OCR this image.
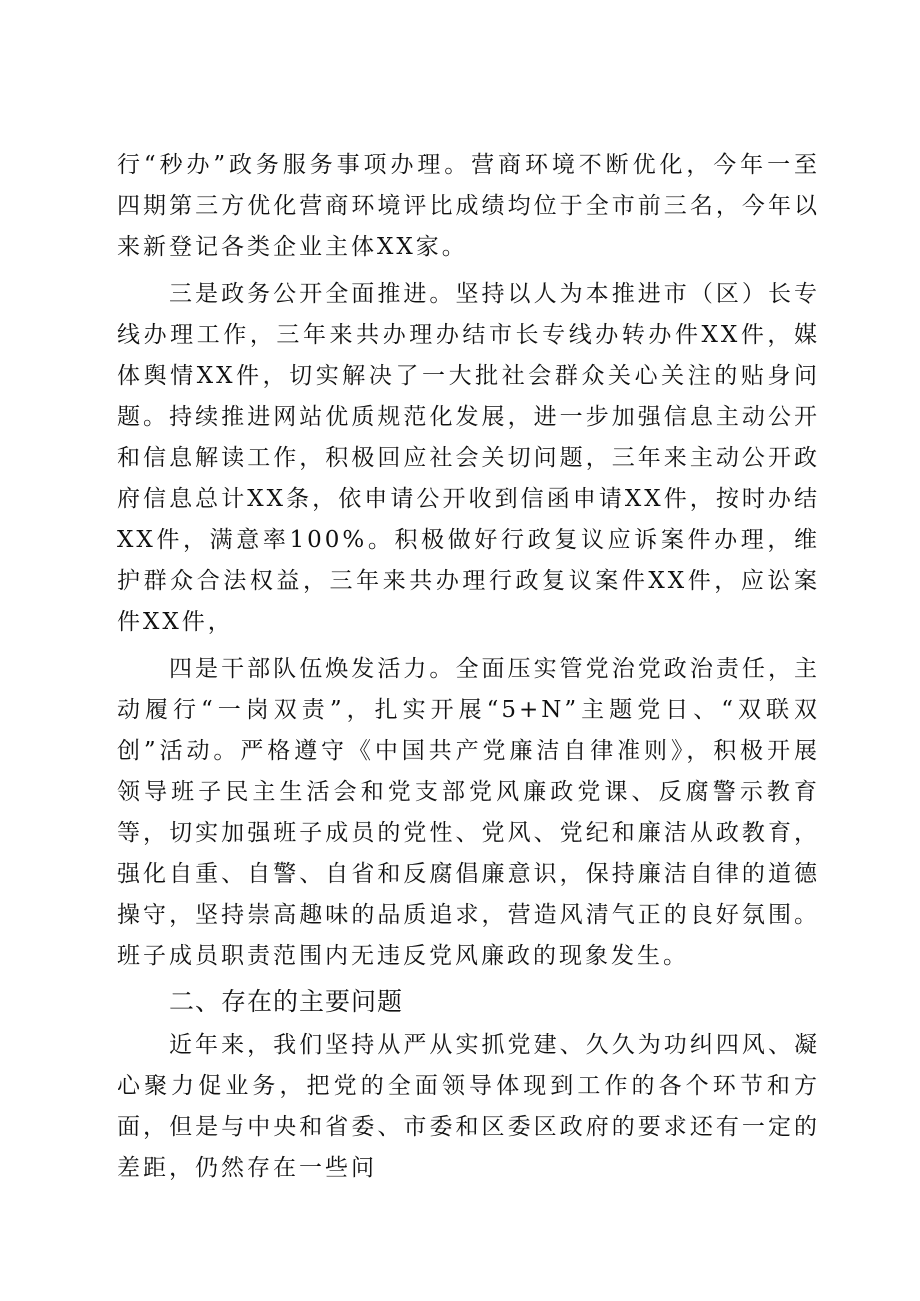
行“秒办”政务服务事项办理。营商环境不断优化，今年一至四期第三方优化营商环境评比成绩均位于全市前三名，今年以来新登记各类企业主体XX家。

三是政务公开全面推进。坚持以人为本推进市（区）长专线办理工作，三年来共办理办结市长专线办转办件XX件，媒体舆情XX件，切实解决了一大批社会群众关心关注的贴身问题。持续推进网站优质规范化发展，进一步加强信息主动公开和信息解读工作，积极回应社会关切问题，三年来主动公开政府信息总计XX条，依申请公开收到信函申请XX件，按时办结XX件，满意率100%。积极做好行政复议应诉案件办理，维护群众合法权益，三年来共办理行政复议案件XX件，应讼案件XX件，

四是干部队伍焕发活力。全面压实管党治党政治责任，主动履行“一岗双责”，扎实开展“5+N”主题党日、“双联双创”活动。严格遵守《中国共产党廉洁自律准则》，积极开展领导班子民主生活会和党支部党风廉政党课、反腐警示教育等，切实加强班子成员的党性、党风、党纪和廉洁从政教育，强化自重、自警、自省和反腐倡廉意识，保持廉洁自律的道德操守，坚持崇高趣味的品质追求，营造风清气正的良好氛围。班子成员职责范围内无违反党风廉政的现象发生。

二、存在的主要问题

近年来，我们坚持从严从实抓党建、久久为功纠四风、凝心聚力促业务，把党的全面领导体现到工作的各个环节和方面，但是与中央和省委、市委和区委区政府的要求还有一定的差距，仍然存在一些问
